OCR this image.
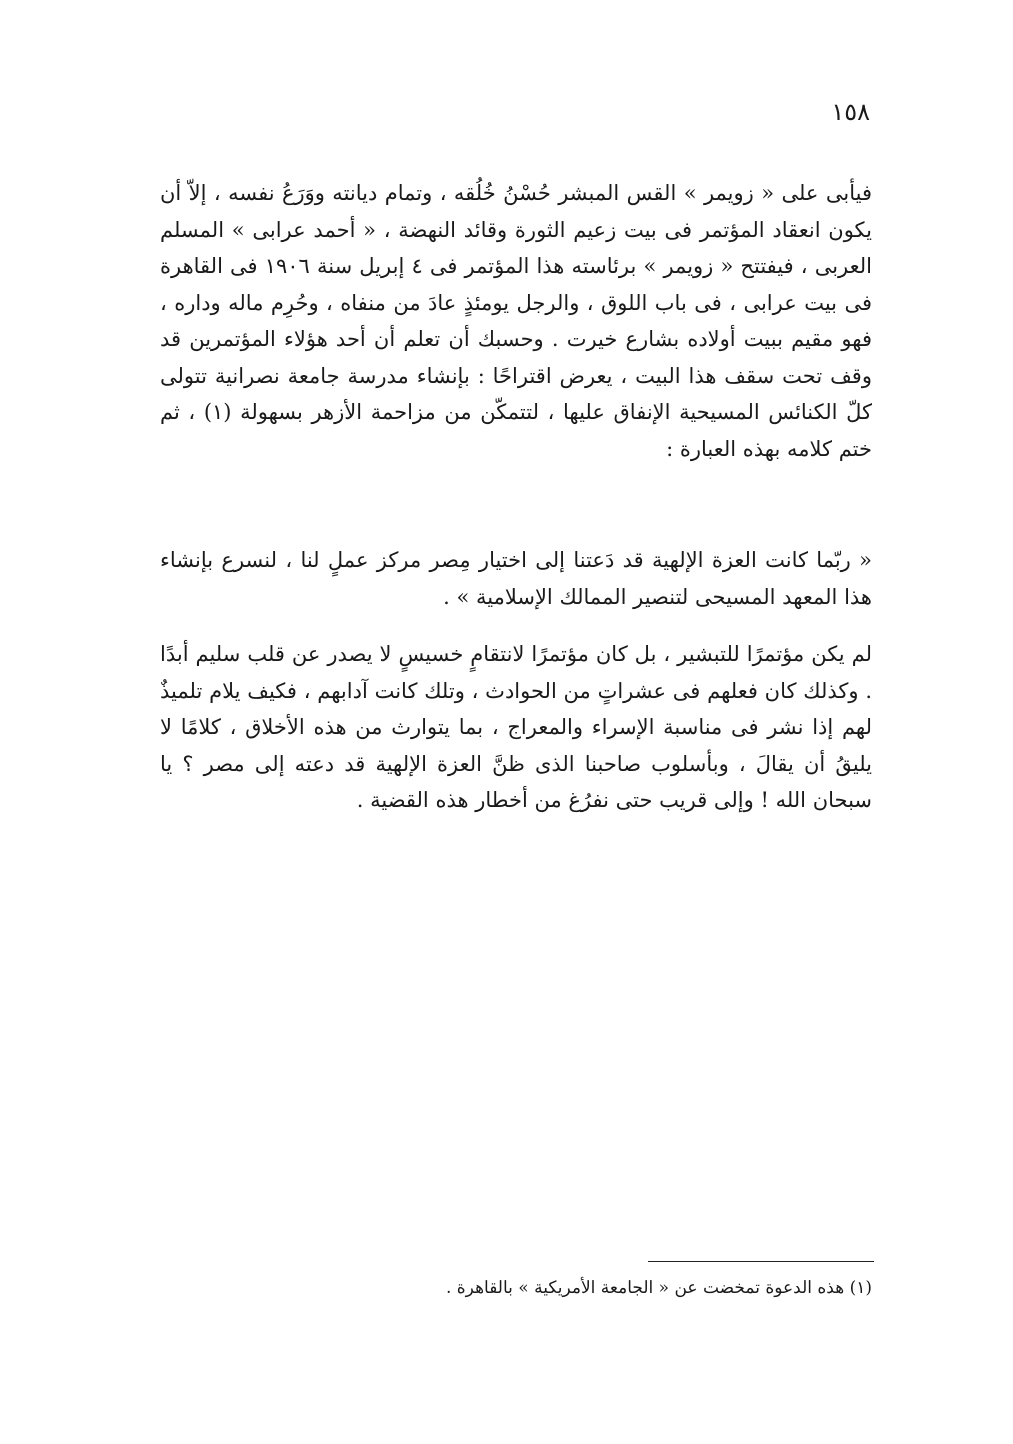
١٥٨

فيأبى على « زويمر » القس المبشر حُسْنُ خُلُقه ، وتمام ديانته ووَرَعُ نفسه ، إلاّ أن يكون انعقاد المؤتمر فى بيت زعيم الثورة وقائد النهضة ، « أحمد عرابى » المسلم العربى ، فيفتتح « زويمر » برئاسته هذا المؤتمر فى ٤ إبريل سنة ١٩٠٦ فى القاهرة فى بيت عرابى ، فى باب اللوق ، والرجل يومئذٍ عادَ من منفاه ، وحُرِم ماله وداره ، فهو مقيم ببيت أولاده بشارع خيرت . وحسبك أن تعلم أن أحد هؤلاء المؤتمرين قد وقف تحت سقف هذا البيت ، يعرض اقتراحًا : بإنشاء مدرسة جامعة نصرانية تتولى كلّ الكنائس المسيحية الإنفاق عليها ، لتتمكّن من مزاحمة الأزهر بسهولة (١) ، ثم ختم كلامه بهذه العبارة :

« ربّما كانت العزة الإلهية قد دَعتنا إلى اختيار مِصر مركز عملٍ لنا ، لنسرع بإنشاء هذا المعهد المسيحى لتنصير الممالك الإسلامية » .

لم يكن مؤتمرًا للتبشير ، بل كان مؤتمرًا لانتقامٍ خسيسٍ لا يصدر عن قلب سليم أبدًا . وكذلك كان فعلهم فى عشراتٍ من الحوادث ، وتلك كانت آدابهم ، فكيف يلام تلميذٌ لهم إذا نشر فى مناسبة الإسراء والمعراج ، بما يتوارث من هذه الأخلاق ، كلامًا لا يليقُ أن يقالَ ، وبأسلوب صاحبنا الذى ظنَّ العزة الإلهية قد دعته إلى مصر ؟ يا سبحان الله ! وإلى قريب حتى نفرُغ من أخطار هذه القضية .

(١) هذه الدعوة تمخضت عن « الجامعة الأمريكية » بالقاهرة .
